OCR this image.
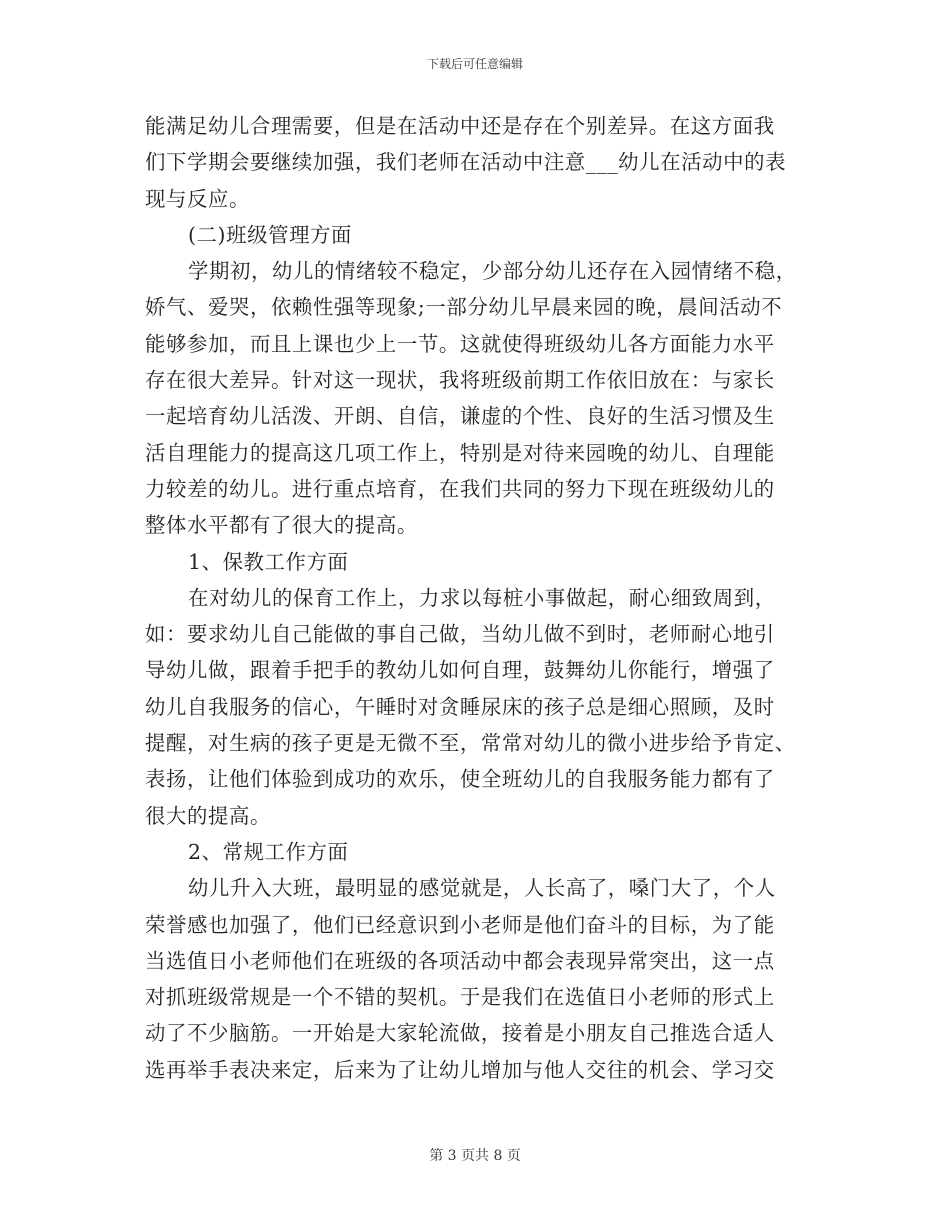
下载后可任意编辑
能满足幼儿合理需要，但是在活动中还是存在个别差异。在这方面我
们下学期会要继续加强，我们老师在活动中注意___幼儿在活动中的表
现与反应。
(二)班级管理方面
学期初，幼儿的情绪较不稳定，少部分幼儿还存在入园情绪不稳，
娇气、爱哭，依赖性强等现象;一部分幼儿早晨来园的晚，晨间活动不
能够参加，而且上课也少上一节。这就使得班级幼儿各方面能力水平
存在很大差异。针对这一现状，我将班级前期工作依旧放在：与家长
一起培育幼儿活泼、开朗、自信，谦虚的个性、良好的生活习惯及生
活自理能力的提高这几项工作上，特别是对待来园晚的幼儿、自理能
力较差的幼儿。进行重点培育，在我们共同的努力下现在班级幼儿的
整体水平都有了很大的提高。
1、保教工作方面
在对幼儿的保育工作上，力求以每桩小事做起，耐心细致周到，
如：要求幼儿自己能做的事自己做，当幼儿做不到时，老师耐心地引
导幼儿做，跟着手把手的教幼儿如何自理，鼓舞幼儿你能行，增强了
幼儿自我服务的信心，午睡时对贪睡尿床的孩子总是细心照顾，及时
提醒，对生病的孩子更是无微不至，常常对幼儿的微小进步给予肯定、
表扬，让他们体验到成功的欢乐，使全班幼儿的自我服务能力都有了
很大的提高。
2、常规工作方面
幼儿升入大班，最明显的感觉就是，人长高了，嗓门大了，个人
荣誉感也加强了，他们已经意识到小老师是他们奋斗的目标，为了能
当选值日小老师他们在班级的各项活动中都会表现异常突出，这一点
对抓班级常规是一个不错的契机。于是我们在选值日小老师的形式上
动了不少脑筋。一开始是大家轮流做，接着是小朋友自己推选合适人
选再举手表决来定，后来为了让幼儿增加与他人交往的机会、学习交
第 3 页共 8 页
